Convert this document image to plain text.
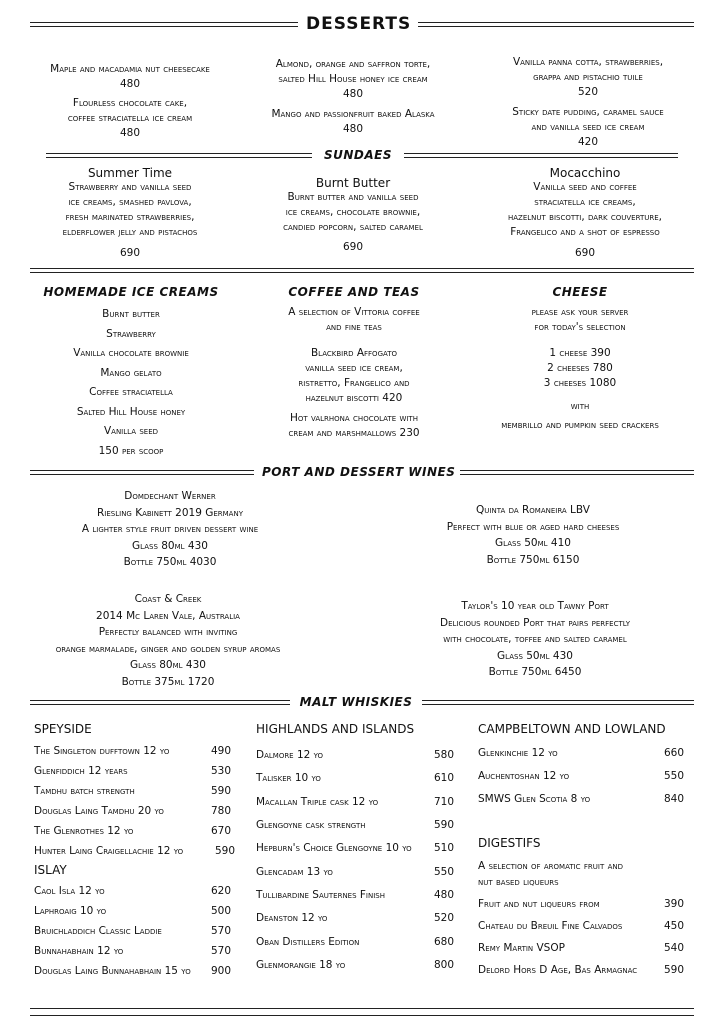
DESSERTS
Maple and macadamia nut cheesecake
480
Flourless chocolate cake,
coffee straciatella ice cream
480
Almond, orange and saffron torte,
salted Hill House honey ice cream
480
Mango and passionfruit baked Alaska
480
Vanilla panna cotta, strawberries,
grappa and pistachio tuile
520
Sticky date pudding, caramel sauce
and vanilla seed ice cream
420
SUNDAES
Summer Time
Strawberry and vanilla seed
ice creams, smashed pavlova,
fresh marinated strawberries,
elderflower jelly and pistachos
690
Burnt Butter
Burnt butter and vanilla seed
ice creams, chocolate brownie,
candied popcorn, salted caramel
690
Mocacchino
Vanilla seed and coffee
straciatella ice creams,
hazelnut biscotti, dark couverture,
Frangelico and a shot of espresso
690
HOMEMADE ICE CREAMS
Burnt butter
Strawberry
Vanilla chocolate brownie
Mango gelato
Coffee straciatella
Salted Hill House honey
Vanilla seed
150 per scoop
COFFEE AND TEAS
A selection of Vittoria coffee
and fine teas
Blackbird Affogato
vanilla seed ice cream,
ristretto, Frangelico and
hazelnut biscotti 420
Hot valrhona chocolate with
cream and marshmallows 230
CHEESE
please ask your server
for today's selection
1 cheese 390
2 cheeses 780
3 cheeses 1080
with
membrillo and pumpkin seed crackers
PORT AND DESSERT WINES
Domdechant Werner
Riesling Kabinett 2019 Germany
A lighter style fruit driven dessert wine
Glass 80ml 430
Bottle 750ml 4030
Quinta da Romaneira LBV
Perfect with blue or aged hard cheeses
Glass 50ml 410
Bottle 750ml 6150
Coast & Creek
2014 Mc Laren Vale, Australia
Perfectly balanced with inviting
orange marmalade, ginger and golden syrup aromas
Glass 80ml 430
Bottle 375ml 1720
Taylor's 10 year old Tawny Port
Delicious rounded Port that pairs perfectly
with chocolate, toffee and salted caramel
Glass 50ml 430
Bottle 750ml 6450
MALT WHISKIES
SPEYSIDE
The Singleton dufftown 12 yo	490
Glenfiddich 12 years	530
Tamdhu batch strength	590
Douglas Laing Tamdhu 20 yo	780
The Glenrothes 12 yo	670
Hunter Laing Craigellachie 12 yo	590
ISLAY
Caol Isla 12 yo	620
Laphroaig 10 yo	500
Bruichladdich Classic Laddie	570
Bunnahabhain 12 yo	570
Douglas Laing Bunnahabhain 15 yo 900
HIGHLANDS AND ISLANDS
Dalmore 12 yo	580
Talisker 10 yo	610
Macallan Triple cask 12 yo	710
Glengoyne cask strength	590
Hepburn's Choice Glengoyne 10 yo 510
Glencadam 13 yo	550
Tullibardine Sauternes Finish	480
Deanston 12 yo	520
Oban Distillers Edition	680
Glenmorangie 18 yo	800
CAMPBELTOWN AND LOWLAND
Glenkinchie 12 yo	660
Auchentoshan 12 yo	550
SMWS Glen Scotia 8 yo	840
DIGESTIFS
A selection of aromatic fruit and
nut based liqueurs
Fruit and nut liqueurs from	390
Chateau du Breuil Fine Calvados	450
Remy Martin VSOP	540
Delord Hors D Age, Bas Armagnac	590
